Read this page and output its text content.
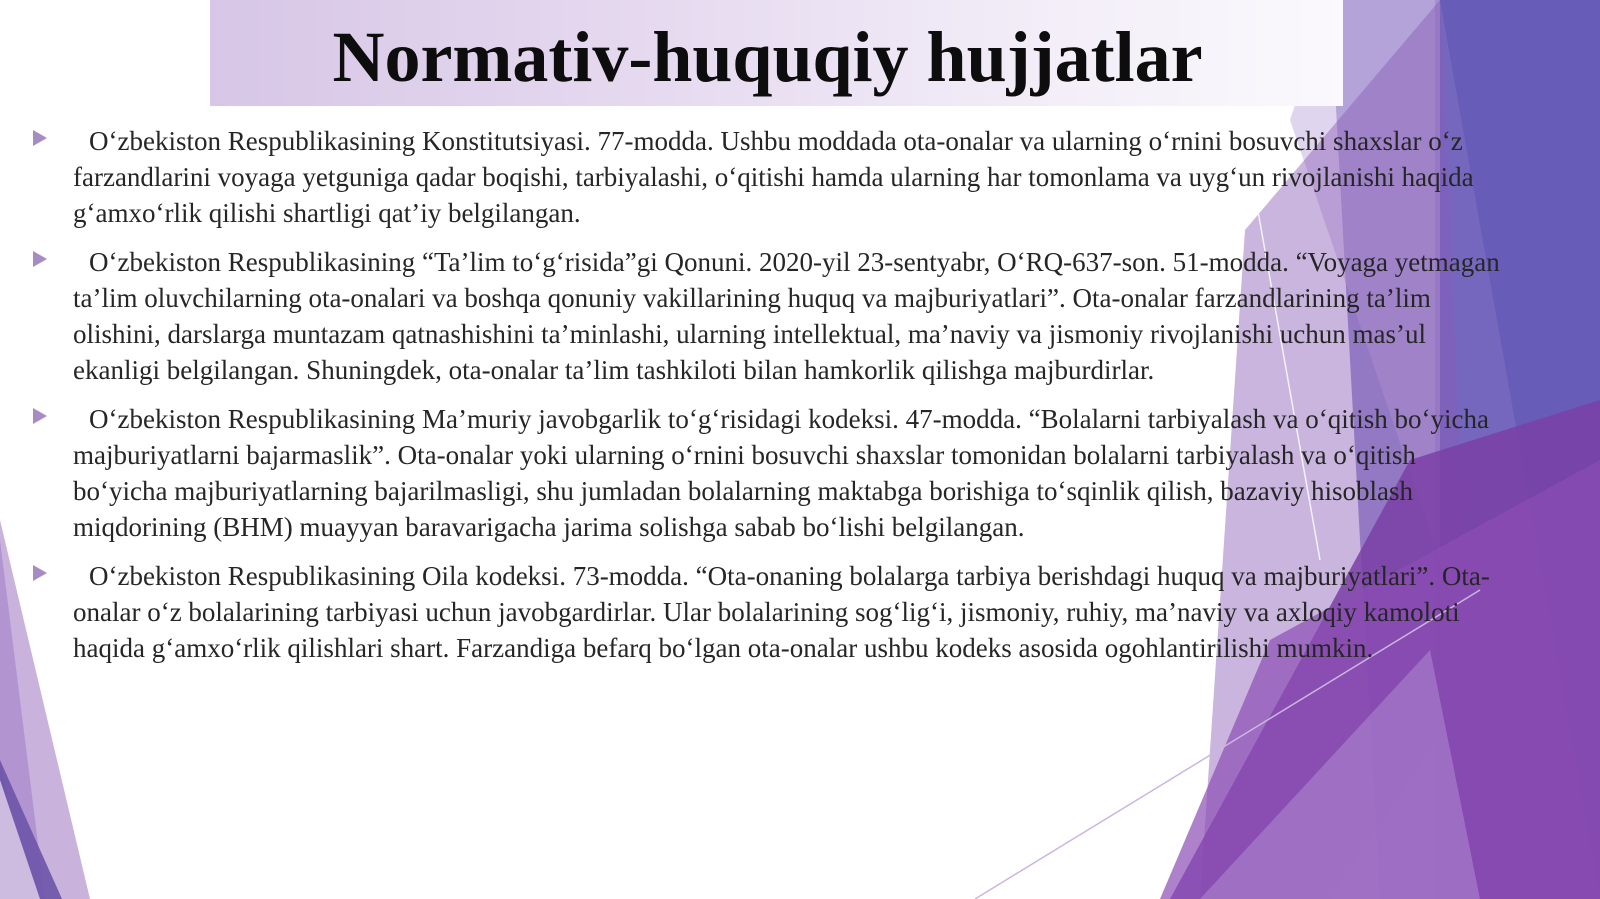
Normativ-huquqiy hujjatlar

O‘zbekiston Respublikasining Konstitutsiyasi. 77-modda. Ushbu moddada ota-onalar va ularning o‘rnini bosuvchi shaxslar o‘z farzandlarini voyaga yetguniga qadar boqishi, tarbiyalashi, o‘qitishi hamda ularning har tomonlama va uyg‘un rivojlanishi haqida g‘amxo‘rlik qilishi shartligi qat’iy belgilangan.

O‘zbekiston Respublikasining “Ta’lim to‘g‘risida”gi Qonuni. 2020-yil 23-sentyabr, O‘RQ-637-son. 51-modda. “Voyaga yetmagan ta’lim oluvchilarning ota-onalari va boshqa qonuniy vakillarining huquq va majburiyatlari”. Ota-onalar farzandlarining ta’lim olishini, darslarga muntazam qatnashishini ta’minlashi, ularning intellektual, ma’naviy va jismoniy rivojlanishi uchun mas’ul ekanligi belgilangan. Shuningdek, ota-onalar ta’lim tashkiloti bilan hamkorlik qilishga majburdirlar.

O‘zbekiston Respublikasining Ma’muriy javobgarlik to‘g‘risidagi kodeksi. 47-modda. “Bolalarni tarbiyalash va o‘qitish bo‘yicha majburiyatlarni bajarmaslik”. Ota-onalar yoki ularning o‘rnini bosuvchi shaxslar tomonidan bolalarni tarbiyalash va o‘qitish bo‘yicha majburiyatlarning bajarilmasligi, shu jumladan bolalarning maktabga borishiga to‘sqinlik qilish, bazaviy hisoblash miqdorining (BHM) muayyan baravarigacha jarima solishga sabab bo‘lishi belgilangan.

O‘zbekiston Respublikasining Oila kodeksi. 73-modda. “Ota-onaning bolalarga tarbiya berishdagi huquq va majburiyatlari”. Ota-onalar o‘z bolalarining tarbiyasi uchun javobgardirlar. Ular bolalarining sog‘lig‘i, jismoniy, ruhiy, ma’naviy va axloqiy kamoloti haqida g‘amxo‘rlik qilishlari shart. Farzandiga befarq bo‘lgan ota-onalar ushbu kodeks asosida ogohlantirilishi mumkin.
